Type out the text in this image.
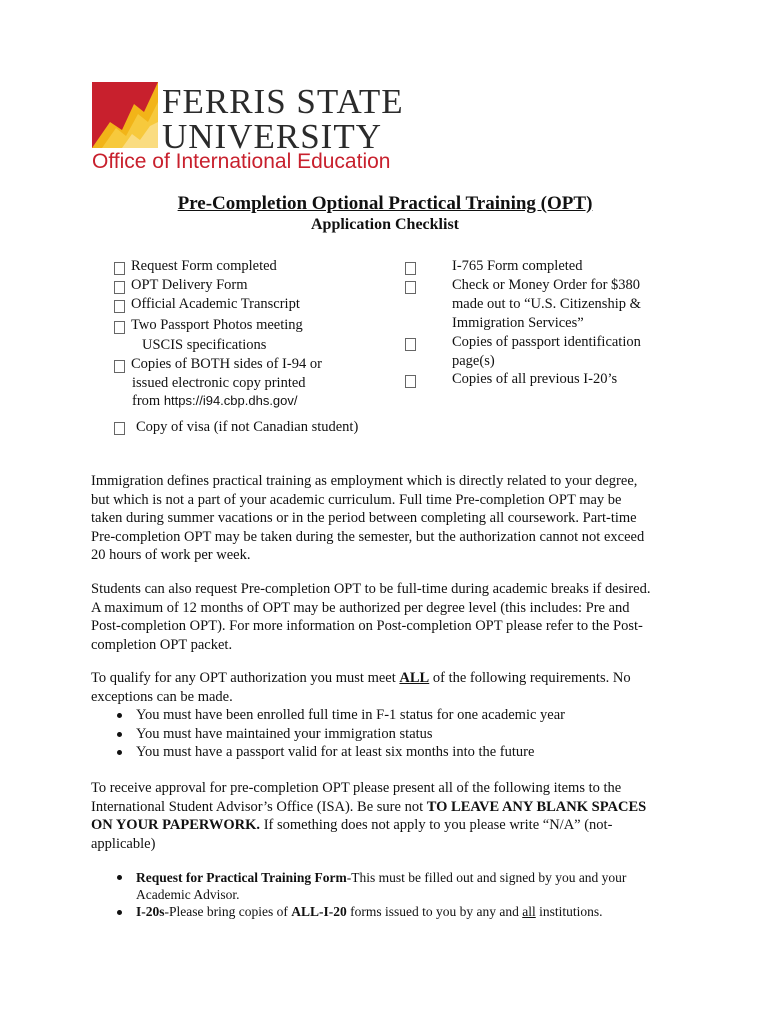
FERRIS STATE
UNIVERSITY
Office of International Education
Pre-Completion Optional Practical Training (OPT)
Application Checklist
Request Form completed
OPT Delivery Form
Official Academic Transcript
Two Passport Photos meeting
USCIS specifications
Copies of BOTH sides of I-94 or
issued electronic copy printed
from https://i94.cbp.dhs.gov/
Copy of visa (if not Canadian student)
I-765 Form completed
Check or Money Order for $380
made out to “U.S. Citizenship &
Immigration Services”
Copies of passport identification
page(s)
Copies of all previous I-20’s
Immigration defines practical training as employment which is directly related to your degree,
but which is not a part of your academic curriculum. Full time Pre-completion OPT may be
taken during summer vacations or in the period between completing all coursework. Part-time
Pre-completion OPT may be taken during the semester, but the authorization cannot not exceed
20 hours of work per week.
Students can also request Pre-completion OPT to be full-time during academic breaks if desired.
A maximum of 12 months of OPT may be authorized per degree level (this includes: Pre and
Post-completion OPT). For more information on Post-completion OPT please refer to the Post-
completion OPT packet.
To qualify for any OPT authorization you must meet ALL of the following requirements. No
exceptions can be made.
You must have been enrolled full time in F-1 status for one academic year
You must have maintained your immigration status
You must have a passport valid for at least six months into the future
To receive approval for pre-completion OPT please present all of the following items to the
International Student Advisor’s Office (ISA). Be sure not TO LEAVE ANY BLANK SPACES
ON YOUR PAPERWORK. If something does not apply to you please write “N/A” (not-
applicable)
Request for Practical Training Form-This must be filled out and signed by you and your
Academic Advisor.
I-20s-Please bring copies of ALL-I-20 forms issued to you by any and all institutions.
